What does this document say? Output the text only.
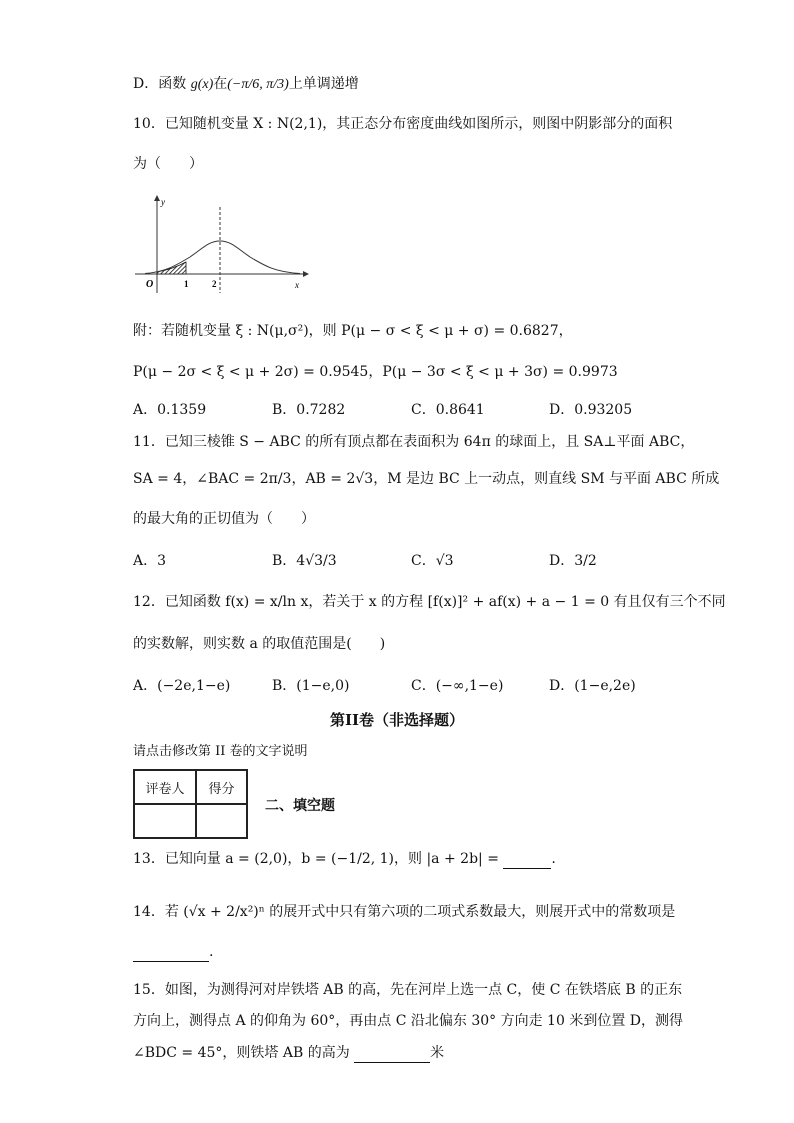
D．函数 g(x)在(−π/6, π/3)上单调递增
10．已知随机变量 X : N(2,1)，其正态分布密度曲线如图所示，则图中阴影部分的面积
为（　　）
y
x
O	1	2
附：若随机变量 ξ : N(μ,σ²)，则 P(μ − σ < ξ < μ + σ) = 0.6827，
P(μ − 2σ < ξ < μ + 2σ) = 0.9545，P(μ − 3σ < ξ < μ + 3σ) = 0.9973
A．0.1359	B．0.7282	C．0.8641	D．0.93205
11．已知三棱锥 S − ABC 的所有顶点都在表面积为 64π 的球面上，且 SA⊥平面 ABC，
SA = 4，∠BAC = 2π/3，AB = 2√3，M 是边 BC 上一动点，则直线 SM 与平面 ABC 所成
的最大角的正切值为（　　）
A．3	B．4√3/3	C．√3	D．3/2
12．已知函数 f(x) = x/ln x，若关于 x 的方程 [f(x)]² + af(x) + a − 1 = 0 有且仅有三个不同
的实数解，则实数 a 的取值范围是(　　)
A．(−2e,1−e)	B．(1−e,0)	C．(−∞,1−e)	D．(1−e,2e)
第II卷（非选择题）
请点击修改第 II 卷的文字说明
评卷人	得分

二、填空题
13．已知向量 a = (2,0)，b = (−1/2, 1)，则 |a + 2b| =	.
14．若 (√x + 2/x²)ⁿ 的展开式中只有第六项的二项式系数最大，则展开式中的常数项是
.
15．如图，为测得河对岸铁塔 AB 的高，先在河岸上选一点 C，使 C 在铁塔底 B 的正东
方向上，测得点 A 的仰角为 60°，再由点 C 沿北偏东 30° 方向走 10 米到位置 D，测得
∠BDC = 45°，则铁塔 AB 的高为	米
